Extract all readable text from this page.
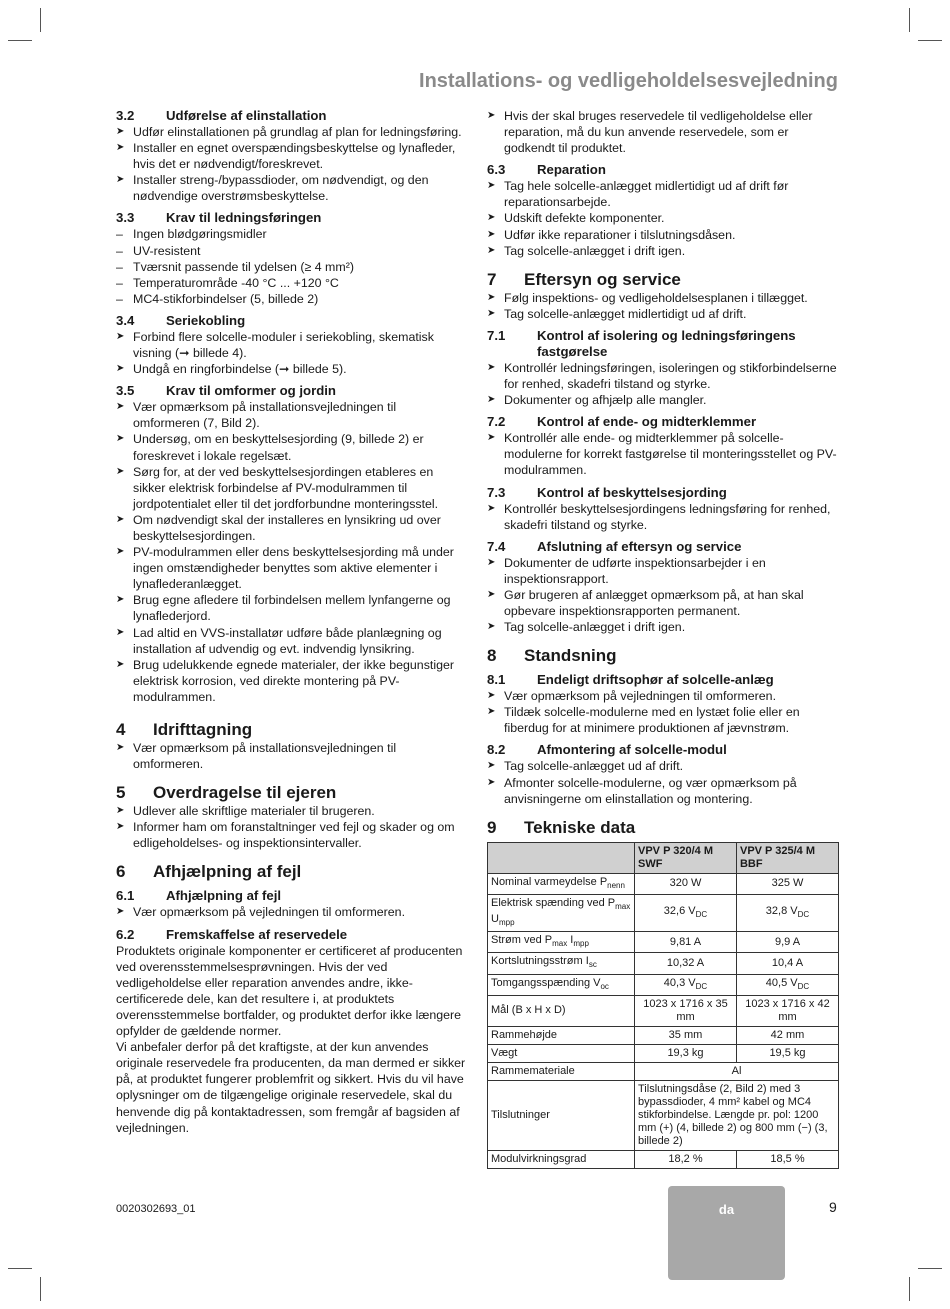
Installations- og vedligeholdelsesvejledning
3.2	Udførelse af elinstallation
➤ Udfør elinstallationen på grundlag af plan for ledningsføring.
➤ Installer en egnet overspændingsbeskyttelse og lynafleder, hvis det er nødvendigt/foreskrevet.
➤ Installer streng-/bypassdioder, om nødvendigt, og den nødvendige overstrømsbeskyttelse.
3.3	Krav til ledningsføringen
– Ingen blødgøringsmidler
– UV-resistent
– Tværsnit passende til ydelsen (≥ 4 mm²)
– Temperaturområde -40 °C ... +120 °C
– MC4-stikforbindelser (5, billede 2)
3.4	Seriekobling
➤ Forbind flere solcelle-moduler i seriekobling, skematisk visning (➞ billede 4).
➤ Undgå en ringforbindelse (➞ billede 5).
3.5	Krav til omformer og jordin
➤ Vær opmærksom på installationsvejledningen til omformeren (7, Bild 2).
➤ Undersøg, om en beskyttelsesjording (9, billede 2) er foreskrevet i lokale regelsæt.
➤ Sørg for, at der ved beskyttelsesjordingen etableres en sikker elektrisk forbindelse af PV-modulrammen til jordpotentialet eller til det jordforbundne monteringsstel.
➤ Om nødvendigt skal der installeres en lynsikring ud over beskyttelsesjordingen.
➤ PV-modulrammen eller dens beskyttelsesjording må under ingen omstændigheder benyttes som aktive elementer i lynaflederanlægget.
➤ Brug egne afledere til forbindelsen mellem lynfangerne og lynaflederjord.
➤ Lad altid en VVS-installatør udføre både planlægning og installation af udvendig og evt. indvendig lynsikring.
➤ Brug udelukkende egnede materialer, der ikke begunstiger elektrisk korrosion, ved direkte montering på PV-modulrammen.
4	Idrifttagning
➤ Vær opmærksom på installationsvejledningen til omformeren.
5	Overdragelse til ejeren
➤ Udlever alle skriftlige materialer til brugeren.
➤ Informer ham om foranstaltninger ved fejl og skader og om edligeholdelses- og inspektionsintervaller.
6	Afhjælpning af fejl
6.1	Afhjælpning af fejl
➤ Vær opmærksom på vejledningen til omformeren.
6.2	Fremskaffelse af reservedele

Produktets originale komponenter er certificeret af producenten ved overensstemmelsesprøvningen. Hvis der ved vedligeholdelse eller reparation anvendes andre, ikke-certificerede dele, kan det resultere i, at produktets overensstemmelse bortfalder, og produktet derfor ikke længere opfylder de gældende normer.

Vi anbefaler derfor på det kraftigste, at der kun anvendes originale reservedele fra producenten, da man dermed er sikker på, at produktet fungerer problemfrit og sikkert. Hvis du vil have oplysninger om de tilgængelige originale reservedele, skal du henvende dig på kontaktadressen, som fremgår af bagsiden af vejledningen.

➤ Hvis der skal bruges reservedele til vedligeholdelse eller reparation, må du kun anvende reservedele, som er godkendt til produktet.
6.3	Reparation
➤ Tag hele solcelle-anlægget midlertidigt ud af drift før reparationsarbejde.
➤ Udskift defekte komponenter.
➤ Udfør ikke reparationer i tilslutningsdåsen.
➤ Tag solcelle-anlægget i drift igen.
7	Eftersyn og service
➤ Følg inspektions- og vedligeholdelsesplanen i tillægget.
➤ Tag solcelle-anlægget midlertidigt ud af drift.
7.1	Kontrol af isolering og ledningsføringens fastgørelse
➤ Kontrollér ledningsføringen, isoleringen og stikforbindelserne for renhed, skadefri tilstand og styrke.
➤ Dokumenter og afhjælp alle mangler.
7.2	Kontrol af ende- og midterklemmer
➤ Kontrollér alle ende- og midterklemmer på solcelle-modulerne for korrekt fastgørelse til monteringsstellet og PV-modulrammen.
7.3	Kontrol af beskyttelsesjording
➤ Kontrollér beskyttelsesjordingens ledningsføring for renhed, skadefri tilstand og styrke.
7.4	Afslutning af eftersyn og service
➤ Dokumenter de udførte inspektionsarbejder i en inspektionsrapport.
➤ Gør brugeren af anlægget opmærksom på, at han skal opbevare inspektionsrapporten permanent.
➤ Tag solcelle-anlægget i drift igen.
8	Standsning
8.1	Endeligt driftsophør af solcelle-anlæg
➤ Vær opmærksom på vejledningen til omformeren.
➤ Tildæk solcelle-modulerne med en lystæt folie eller en fiberdug for at minimere produktionen af jævnstrøm.
8.2	Afmontering af solcelle-modul
➤ Tag solcelle-anlægget ud af drift.
➤ Afmonter solcelle-modulerne, og vær opmærksom på anvisningerne om elinstallation og montering.
9	Tekniske data
	VPV P 320/4 M SWF	VPV P 325/4 M BBF
Nominal varmeydelse $P_{nenn}$	320 W	325 W
Elektrisk spænding ved $P_{max}$ $U_{mpp}$	32,6 $V_{DC}$	32,8 $V_{DC}$
Strøm ved $P_{max}$ $I_{mpp}$	9,81 A	9,9 A
Kortslutningsstrøm $I_{sc}$	10,32 A	10,4 A
Tomgangsspænding $V_{oc}$	40,3 $V_{DC}$	40,5 $V_{DC}$
Mål (B x H x D)	1023 x 1716 x 35 mm	1023 x 1716 x 42 mm
Rammehøjde	35 mm	42 mm
Vægt	19,3 kg	19,5 kg
Rammemateriale	Al	
Tilslutninger	Tilslutningsdåse (2, Bild 2) med 3 bypassdioder, 4 mm² kabel og MC4 stikforbindelse. Længde pr. pol: 1200 mm (+) (4, billede 2) og 800 mm (−) (3, billede 2)	
Modulvirkningsgrad	18,2 %	18,5 %
0020302693_01	da	9
